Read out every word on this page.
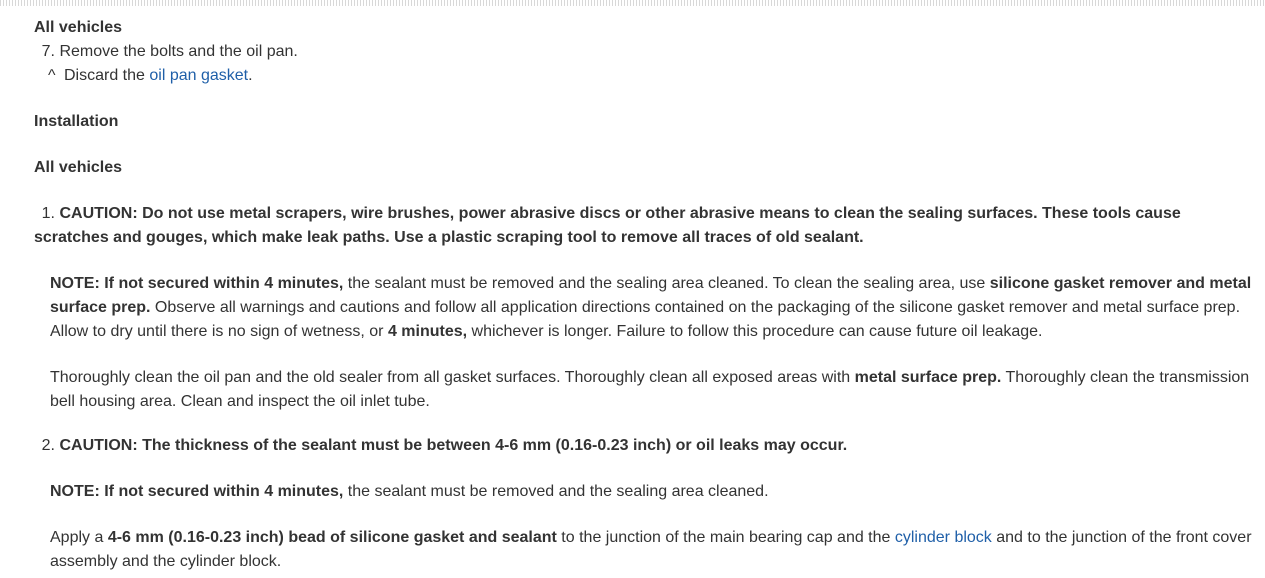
All vehicles

7. Remove the bolts and the oil pan.

^ Discard the oil pan gasket.

Installation

All vehicles

1. CAUTION: Do not use metal scrapers, wire brushes, power abrasive discs or other abrasive means to clean the sealing surfaces. These tools cause scratches and gouges, which make leak paths. Use a plastic scraping tool to remove all traces of old sealant.

NOTE: If not secured within 4 minutes, the sealant must be removed and the sealing area cleaned. To clean the sealing area, use silicone gasket remover and metal surface prep. Observe all warnings and cautions and follow all application directions contained on the packaging of the silicone gasket remover and metal surface prep. Allow to dry until there is no sign of wetness, or 4 minutes, whichever is longer. Failure to follow this procedure can cause future oil leakage.

Thoroughly clean the oil pan and the old sealer from all gasket surfaces. Thoroughly clean all exposed areas with metal surface prep. Thoroughly clean the transmission bell housing area. Clean and inspect the oil inlet tube.

2. CAUTION: The thickness of the sealant must be between 4-6 mm (0.16-0.23 inch) or oil leaks may occur.

NOTE: If not secured within 4 minutes, the sealant must be removed and the sealing area cleaned.

Apply a 4-6 mm (0.16-0.23 inch) bead of silicone gasket and sealant to the junction of the main bearing cap and the cylinder block and to the junction of the front cover assembly and the cylinder block.
